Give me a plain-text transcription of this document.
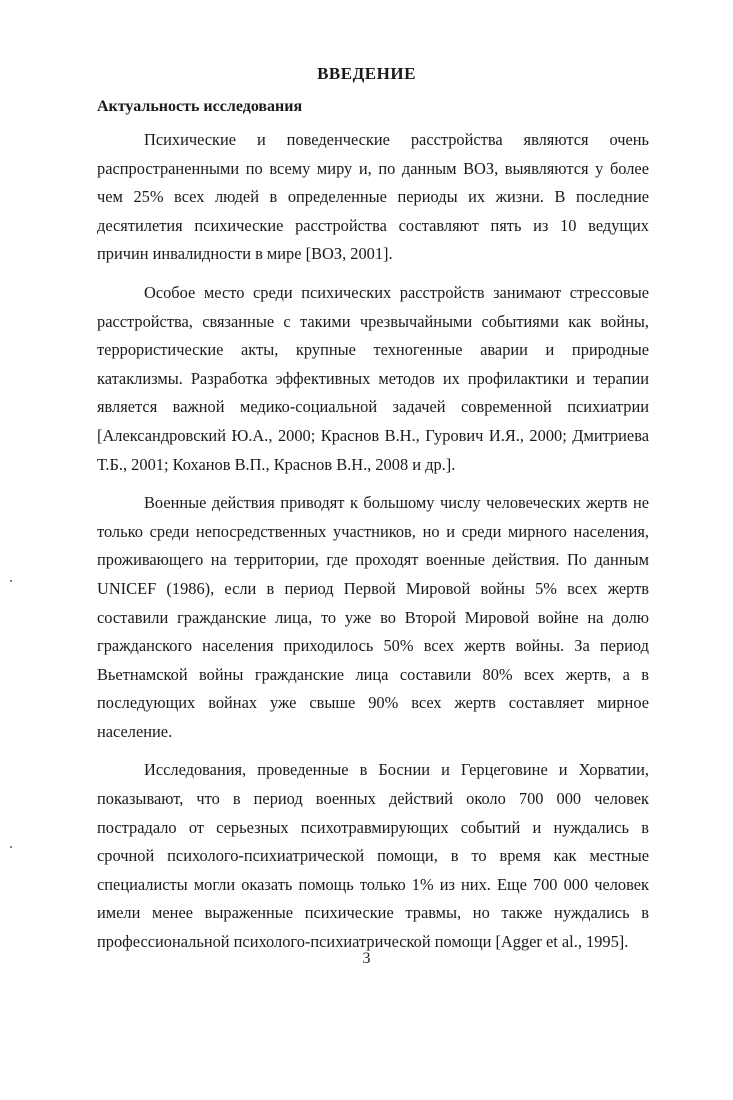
ВВЕДЕНИЕ
Актуальность исследования

Психические и поведенческие расстройства являются очень распространенными по всему миру и, по данным ВОЗ, выявляются у более чем 25% всех людей в определенные периоды их жизни. В последние десятилетия психические расстройства составляют пять из 10 ведущих причин инвалидности в мире [ВОЗ, 2001].

Особое место среди психических расстройств занимают стрессовые расстройства, связанные с такими чрезвычайными событиями как войны, террористические акты, крупные техногенные аварии и природные катаклизмы. Разработка эффективных методов их профилактики и терапии является важной медико-социальной задачей современной психиатрии [Александровский Ю.А., 2000; Краснов В.Н., Гурович И.Я., 2000; Дмитриева Т.Б., 2001; Коханов В.П., Краснов В.Н., 2008 и др.].

Военные действия приводят к большому числу человеческих жертв не только среди непосредственных участников, но и среди мирного населения, проживающего на территории, где проходят военные действия. По данным UNICEF (1986), если в период Первой Мировой войны 5% всех жертв составили гражданские лица, то уже во Второй Мировой войне на долю гражданского населения приходилось 50% всех жертв войны. За период Вьетнамской войны гражданские лица составили 80% всех жертв, а в последующих войнах уже свыше 90% всех жертв составляет мирное население.

Исследования, проведенные в Боснии и Герцеговине и Хорватии, показывают, что в период военных действий около 700 000 человек пострадало от серьезных психотравмирующих событий и нуждались в срочной психолого-психиатрической помощи, в то время как местные специалисты могли оказать помощь только 1% из них. Еще 700 000 человек имели менее выраженные психические травмы, но также нуждались в профессиональной психолого-психиатрической помощи [Agger et al., 1995].

3
